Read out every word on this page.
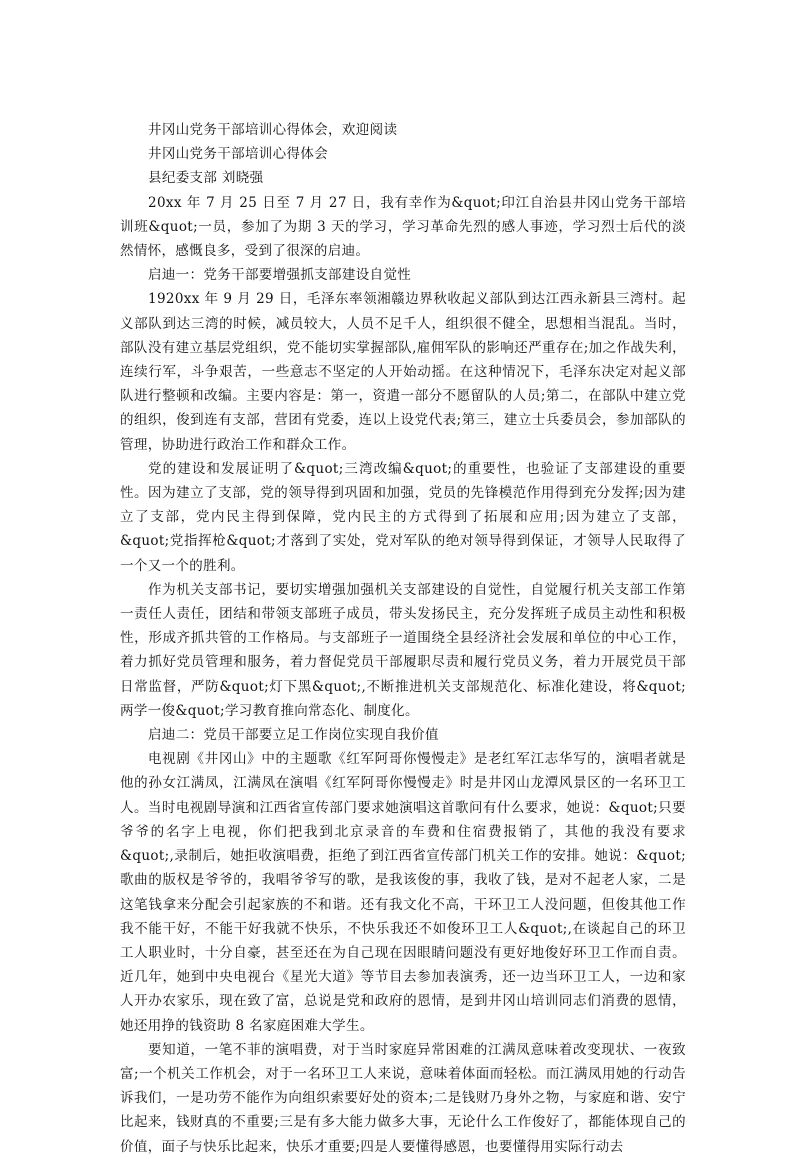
井冈山党务干部培训心得体会，欢迎阅读

井冈山党务干部培训心得体会

县纪委支部 刘晓强

20xx 年 7 月 25 日至 7 月 27 日，我有幸作为&quot;印江自治县井冈山党务干部培训班&quot;一员，参加了为期 3 天的学习，学习革命先烈的感人事迹，学习烈士后代的淡然情怀，感慨良多，受到了很深的启迪。

启迪一：党务干部要增强抓支部建设自觉性

1920xx 年 9 月 29 日，毛泽东率领湘赣边界秋收起义部队到达江西永新县三湾村。起义部队到达三湾的时候，减员较大，人员不足千人，组织很不健全，思想相当混乱。当时，部队没有建立基层党组织，党不能切实掌握部队,雇佣军队的影响还严重存在;加之作战失利，连续行军，斗争艰苦，一些意志不坚定的人开始动摇。在这种情况下，毛泽东决定对起义部队进行整顿和改编。主要内容是：第一，资遣一部分不愿留队的人员;第二，在部队中建立党的组织，俊到连有支部，营团有党委，连以上设党代表;第三，建立士兵委员会，参加部队的管理，协助进行政治工作和群众工作。

党的建设和发展证明了&quot;三湾改编&quot;的重要性，也验证了支部建设的重要性。因为建立了支部，党的领导得到巩固和加强，党员的先锋模范作用得到充分发挥;因为建立了支部，党内民主得到保障，党内民主的方式得到了拓展和应用;因为建立了支部，&quot;党指挥枪&quot;才落到了实处，党对军队的绝对领导得到保证，才领导人民取得了一个又一个的胜利。

作为机关支部书记，要切实增强加强机关支部建设的自觉性，自觉履行机关支部工作第一责任人责任，团结和带领支部班子成员，带头发扬民主，充分发挥班子成员主动性和积极性，形成齐抓共管的工作格局。与支部班子一道围绕全县经济社会发展和单位的中心工作，着力抓好党员管理和服务，着力督促党员干部履职尽责和履行党员义务，着力开展党员干部日常监督，严防&quot;灯下黑&quot;,不断推进机关支部规范化、标准化建设，将&quot;两学一俊&quot;学习教育推向常态化、制度化。

启迪二：党员干部要立足工作岗位实现自我价值

电视剧《井冈山》中的主题歌《红军阿哥你慢慢走》是老红军江志华写的，演唱者就是他的孙女江满凤，江满凤在演唱《红军阿哥你慢慢走》时是井冈山龙潭风景区的一名环卫工人。当时电视剧导演和江西省宣传部门要求她演唱这首歌问有什么要求，她说：&quot;只要爷爷的名字上电视，你们把我到北京录音的车费和住宿费报销了，其他的我没有要求&quot;,录制后，她拒收演唱费，拒绝了到江西省宣传部门机关工作的安排。她说：&quot;歌曲的版权是爷爷的，我唱爷爷写的歌，是我该俊的事，我收了钱，是对不起老人家，二是这笔钱拿来分配会引起家族的不和谐。还有我文化不高，干环卫工人没问题，但俊其他工作我不能干好，不能干好我就不快乐，不快乐我还不如俊环卫工人&quot;,在谈起自己的环卫工人职业时，十分自豪，甚至还在为自己现在因眼睛问题没有更好地俊好环卫工作而自责。近几年，她到中央电视台《星光大道》等节目去参加表演秀，还一边当环卫工人，一边和家人开办农家乐，现在致了富，总说是党和政府的恩情，是到井冈山培训同志们消费的恩情，她还用挣的钱资助 8 名家庭困难大学生。

要知道，一笔不菲的演唱费，对于当时家庭异常困难的江满凤意味着改变现状、一夜致富;一个机关工作机会，对于一名环卫工人来说，意味着体面而轻松。而江满凤用她的行动告诉我们，一是功劳不能作为向组织索要好处的资本;二是钱财乃身外之物，与家庭和谐、安宁比起来，钱财真的不重要;三是有多大能力做多大事，无论什么工作俊好了，都能体现自己的价值，面子与快乐比起来，快乐才重要;四是人要懂得感恩，也要懂得用实际行动去
